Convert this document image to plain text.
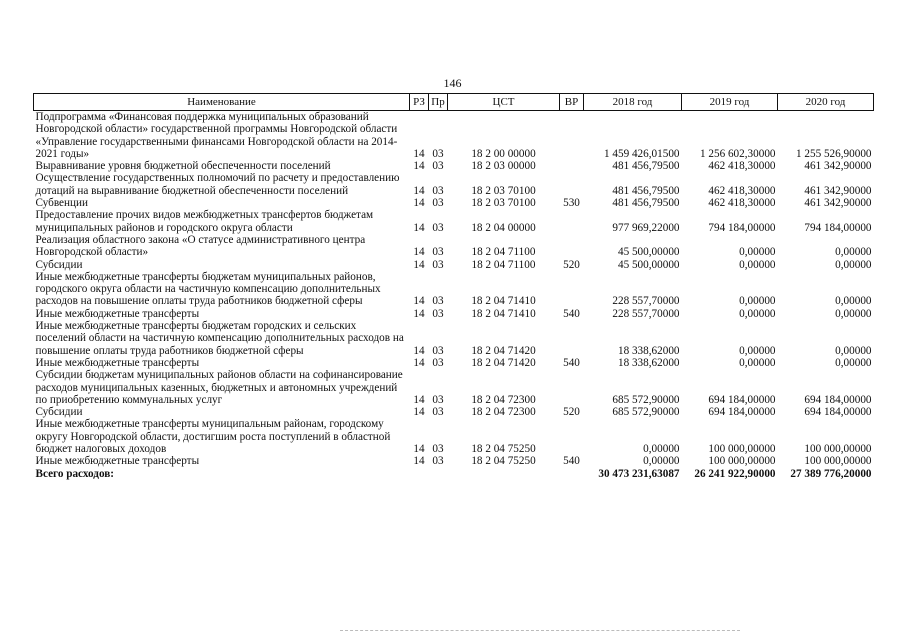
146
Наименование	РЗ	Пр	ЦСТ	ВР	2018 год	2019 год	2020 год
Подпрограмма «Финансовая поддержка муниципальных образований Новгородской области» государственной программы Новгородской области «Управление государственными финансами Новгородской области на 2014-2021 годы»	14	03	18 2 00 00000		1 459 426,01500	1 256 602,30000	1 255 526,90000
Выравнивание уровня бюджетной обеспеченности поселений	14	03	18 2 03 00000		481 456,79500	462 418,30000	461 342,90000
Осуществление государственных полномочий по расчету и предоставлению дотаций на выравнивание бюджетной обеспеченности поселений	14	03	18 2 03 70100		481 456,79500	462 418,30000	461 342,90000
Субвенции	14	03	18 2 03 70100	530	481 456,79500	462 418,30000	461 342,90000
Предоставление прочих видов межбюджетных трансфертов бюджетам муниципальных районов и городского округа области	14	03	18 2 04 00000		977 969,22000	794 184,00000	794 184,00000
Реализация областного закона «О статусе административного центра Новгородской области»	14	03	18 2 04 71100		45 500,00000	0,00000	0,00000
Субсидии	14	03	18 2 04 71100	520	45 500,00000	0,00000	0,00000
Иные межбюджетные трансферты бюджетам муниципальных районов, городского округа области на частичную компенсацию дополнительных расходов на повышение оплаты труда работников бюджетной сферы	14	03	18 2 04 71410		228 557,70000	0,00000	0,00000
Иные межбюджетные трансферты	14	03	18 2 04 71410	540	228 557,70000	0,00000	0,00000
Иные межбюджетные трансферты бюджетам городских и сельских поселений области на частичную компенсацию дополнительных расходов на повышение оплаты труда работников бюджетной сферы	14	03	18 2 04 71420		18 338,62000	0,00000	0,00000
Иные межбюджетные трансферты	14	03	18 2 04 71420	540	18 338,62000	0,00000	0,00000
Субсидии бюджетам муниципальных районов области на софинансирование расходов муниципальных казенных, бюджетных и автономных учреждений по приобретению коммунальных услуг	14	03	18 2 04 72300		685 572,90000	694 184,00000	694 184,00000
Субсидии	14	03	18 2 04 72300	520	685 572,90000	694 184,00000	694 184,00000
Иные межбюджетные трансферты муниципальным районам, городскому округу Новгородской области, достигшим роста поступлений в областной бюджет налоговых доходов	14	03	18 2 04 75250		0,00000	100 000,00000	100 000,00000
Иные межбюджетные трансферты	14	03	18 2 04 75250	540	0,00000	100 000,00000	100 000,00000
Всего расходов:					30 473 231,63087	26 241 922,90000	27 389 776,20000
